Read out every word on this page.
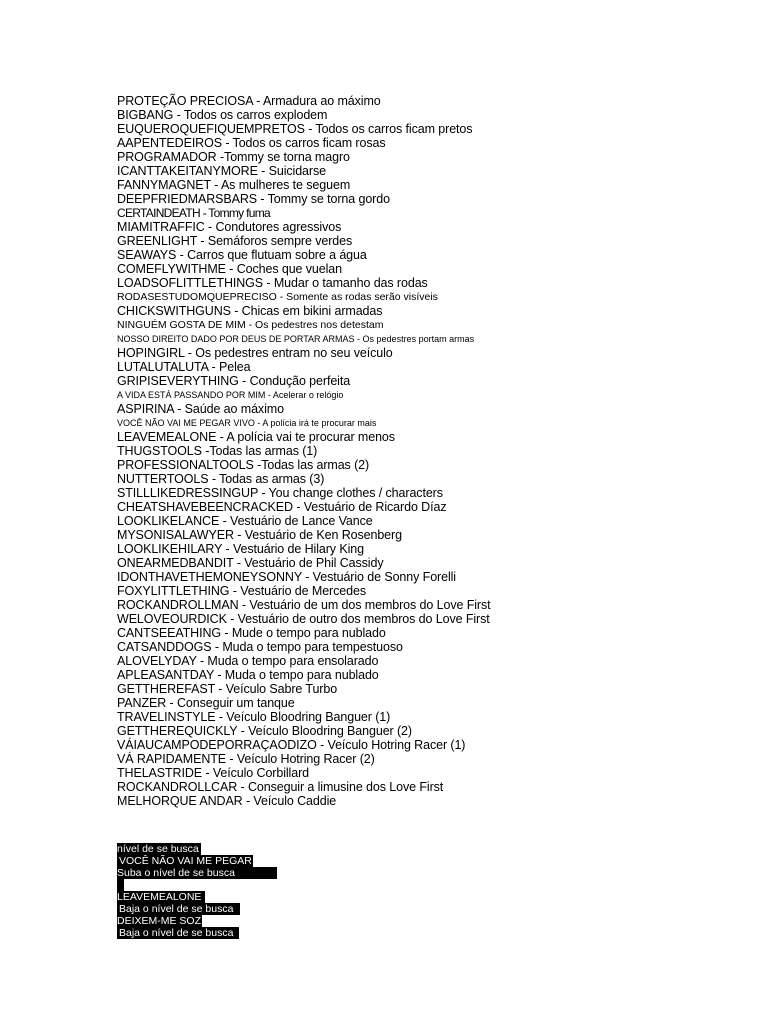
PROTEÇÃO PRECIOSA - Armadura ao máximo
BIGBANG - Todos os carros explodem
EUQUEROQUEFIQUEMPRETOS - Todos os carros ficam pretos
AAPENTEDEIROS - Todos os carros ficam rosas
PROGRAMADOR -Tommy se torna magro
ICANTTAKEITANYMORE - Suicidarse
FANNYMAGNET - As mulheres te seguem
DEEPFRIEDMARSBARS - Tommy se torna gordo
CERTAINDEATH - Tommy fuma
MIAMITRAFFIC - Condutores agressivos
GREENLIGHT - Semáforos sempre verdes
SEAWAYS - Carros que flutuam sobre a água
COMEFLYWITHME - Coches que vuelan
LOADSOFLITTLETHINGS - Mudar o tamanho das rodas
RODASESTUDOMQUEPRECISO - Somente as rodas serão visíveis
CHICKSWITHGUNS - Chicas em bikini armadas
NINGUÉM GOSTA DE MIM - Os pedestres nos detestam
NOSSO DIREITO DADO POR DEUS DE PORTAR ARMAS - Os pedestres portam armas
HOPINGIRL - Os pedestres entram no seu veículo
LUTALUTALUTA - Pelea
GRIPISEVERYTHING - Condução perfeita
A VIDA ESTÁ PASSANDO POR MIM - Acelerar o relógio
ASPIRINA - Saúde ao máximo
VOCÊ NÃO VAI ME PEGAR VIVO - A polícia irá te procurar mais
LEAVEMEALONE - A polícia vai te procurar menos
THUGSTOOLS -Todas las armas (1)
PROFESSIONALTOOLS -Todas las armas (2)
NUTTERTOOLS - Todas as armas (3)
STILLLIKEDRESSINGUP - You change clothes / characters
CHEATSHAVEBEENCRACKED - Vestuário de Ricardo Díaz
LOOKLIKELANCE - Vestuário de Lance Vance
MYSONISALAWYER - Vestuário de Ken Rosenberg
LOOKLIKEHILARY - Vestuário de Hilary King
ONEARMEDBANDIT - Vestuário de Phil Cassidy
IDONTHAVETHEMONEYSONNY - Vestuário de Sonny Forelli
FOXYLITTLETHING - Vestuário de Mercedes
ROCKANDROLLMAN - Vestuário de um dos membros do Love First
WELOVEOURDICK - Vestuário de outro dos membros do Love First
CANTSEEATHING - Mude o tempo para nublado
CATSANDDOGS - Muda o tempo para tempestuoso
ALOVELYDAY - Muda o tempo para ensolarado
APLEASANTDAY - Muda o tempo para nublado
GETTHEREFAST - Veículo Sabre Turbo
PANZER - Conseguir um tanque
TRAVELINSTYLE - Veículo Bloodring Banguer (1)
GETTHEREQUICKLY - Veículo Bloodring Banguer (2)
VÁIAUCAMPODEPORRAÇAODIZO - Veículo Hotring Racer (1)
VÁ RAPIDAMENTE - Veículo Hotring Racer (2)
THELASTRIDE - Veículo Corbillard
ROCKANDROLLCAR - Conseguir a limusine dos Love First
MELHORQUE ANDAR - Veículo Caddie
nível de se busca
VOCÊ NÃO VAI ME PEGAR
Suba o nível de se busca
LEAVEMEALONE
Baja o nível de se busca
DEIXEM-ME SOZ
Baja o nível de se busca
